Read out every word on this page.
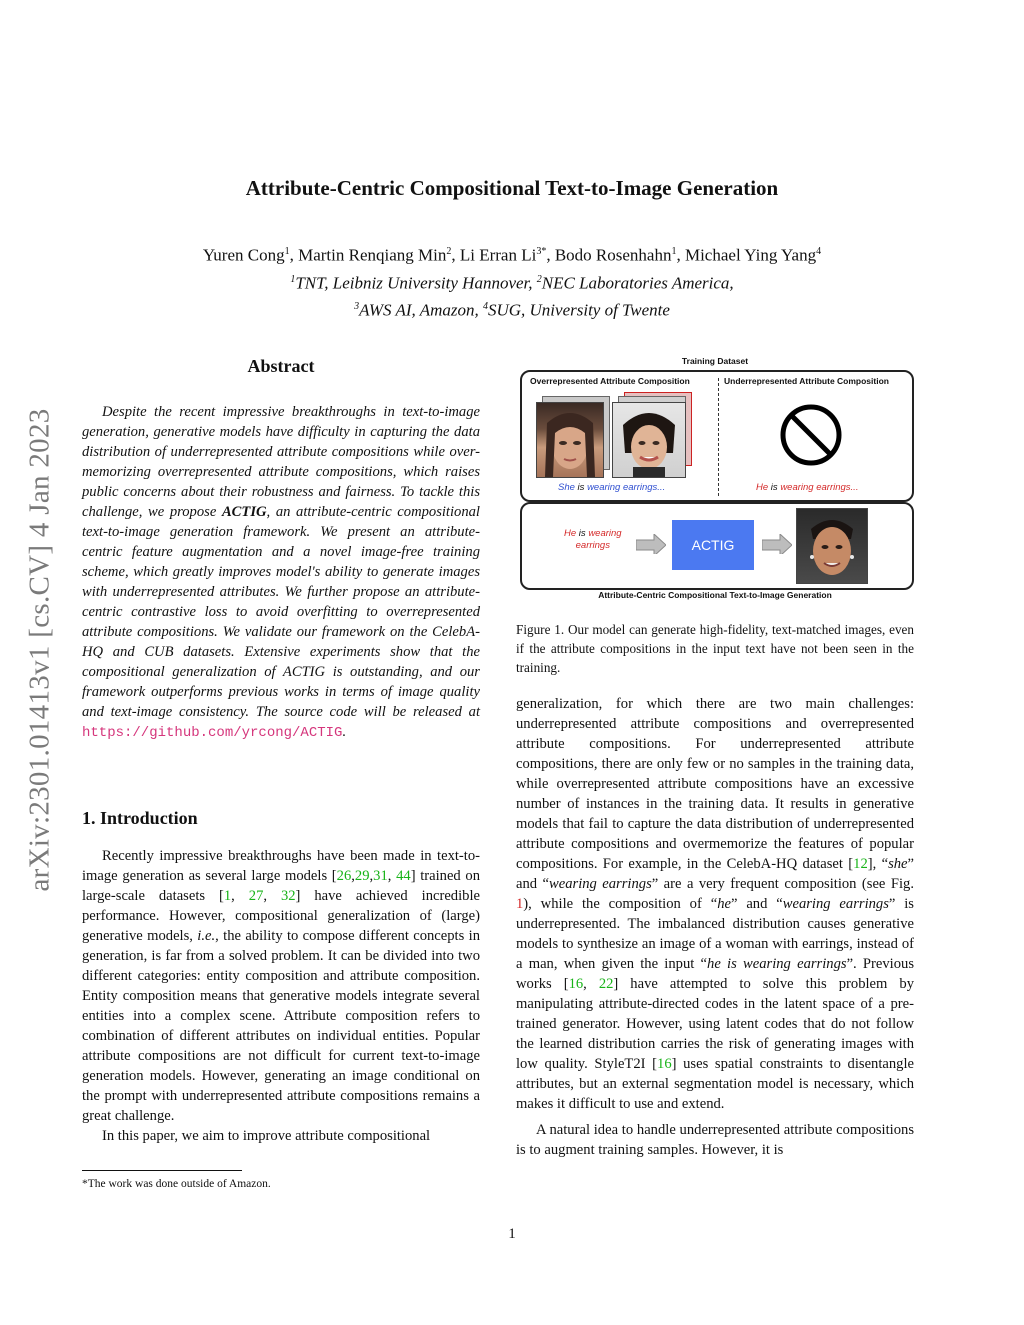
Attribute-Centric Compositional Text-to-Image Generation
Yuren Cong$^1$, Martin Renqiang Min$^2$, Li Erran $Li^{3*}$, Bodo Rosenhahn$^1$, Michael Ying Yang$^4$
$^1$TNT, Leibniz University Hannover, $^2$NEC Laboratories America,
$^3$AWS AI, Amazon, $^4$SUG, University of Twente
arXiv:2301.01413v1 [cs.CV] 4 Jan 2023
Abstract

Despite the recent impressive breakthroughs in text-to-image generation, generative models have difficulty in capturing the data distribution of underrepresented attribute compositions while over-memorizing overrepresented attribute compositions, which raises public concerns about their robustness and fairness. To tackle this challenge, we propose ACTIG, an attribute-centric compositional text-to-image generation framework. We present an attribute-centric feature augmentation and a novel image-free training scheme, which greatly improves model's ability to generate images with underrepresented attributes. We further propose an attribute-centric contrastive loss to avoid overfitting to overrepresented attribute compositions. We validate our framework on the CelebA-HQ and CUB datasets. Extensive experiments show that the compositional generalization of ACTIG is outstanding, and our framework outperforms previous works in terms of image quality and text-image consistency. The source code will be released at https://github.com/yrcong/ACTIG.

1. Introduction

Recently impressive breakthroughs have been made in text-to-image generation as several large models [26,29,31, 44] trained on large-scale datasets [1, 27, 32] have achieved incredible performance. However, compositional generalization of (large) generative models, i.e., the ability to compose different concepts in generation, is far from a solved problem. It can be divided into two different categories: entity composition and attribute composition. Entity composition means that generative models integrate several entities into a complex scene. Attribute composition refers to combination of different attributes on individual entities. Popular attribute compositions are not difficult for current text-to-image generation models. However, generating an image conditional on the prompt with underrepresented attribute compositions remains a great challenge.

In this paper, we aim to improve attribute compositional

*The work was done outside of Amazon.
1
Training Dataset
Overrepresented Attribute Composition	Underrepresented Attribute Composition
She is wearing earrings...	He is wearing earrings...
He is wearing
earrings	ACTIG
Attribute-Centric Compositional Text-to-Image Generation
Figure 1. Our model can generate high-fidelity, text-matched images, even if the attribute compositions in the input text have not been seen in the training.

generalization, for which there are two main challenges: underrepresented attribute compositions and overrepresented attribute compositions. For underrepresented attribute compositions, there are only few or no samples in the training data, while overrepresented attribute compositions have an excessive number of instances in the training data. It results in generative models that fail to capture the data distribution of underrepresented attribute compositions and overmemorize the features of popular compositions. For example, in the CelebA-HQ dataset [12], “she” and “wearing earrings” are a very frequent composition (see Fig. 1), while the composition of “he” and “wearing earrings” is underrepresented. The imbalanced distribution causes generative models to synthesize an image of a woman with earrings, instead of a man, when given the input “he is wearing earrings”. Previous works [16, 22] have attempted to solve this problem by manipulating attribute-directed codes in the latent space of a pre-trained generator. However, using latent codes that do not follow the learned distribution carries the risk of generating images with low quality. StyleT2I [16] uses spatial constraints to disentangle attributes, but an external segmentation model is necessary, which makes it difficult to use and extend.

A natural idea to handle underrepresented attribute compositions is to augment training samples. However, it is
